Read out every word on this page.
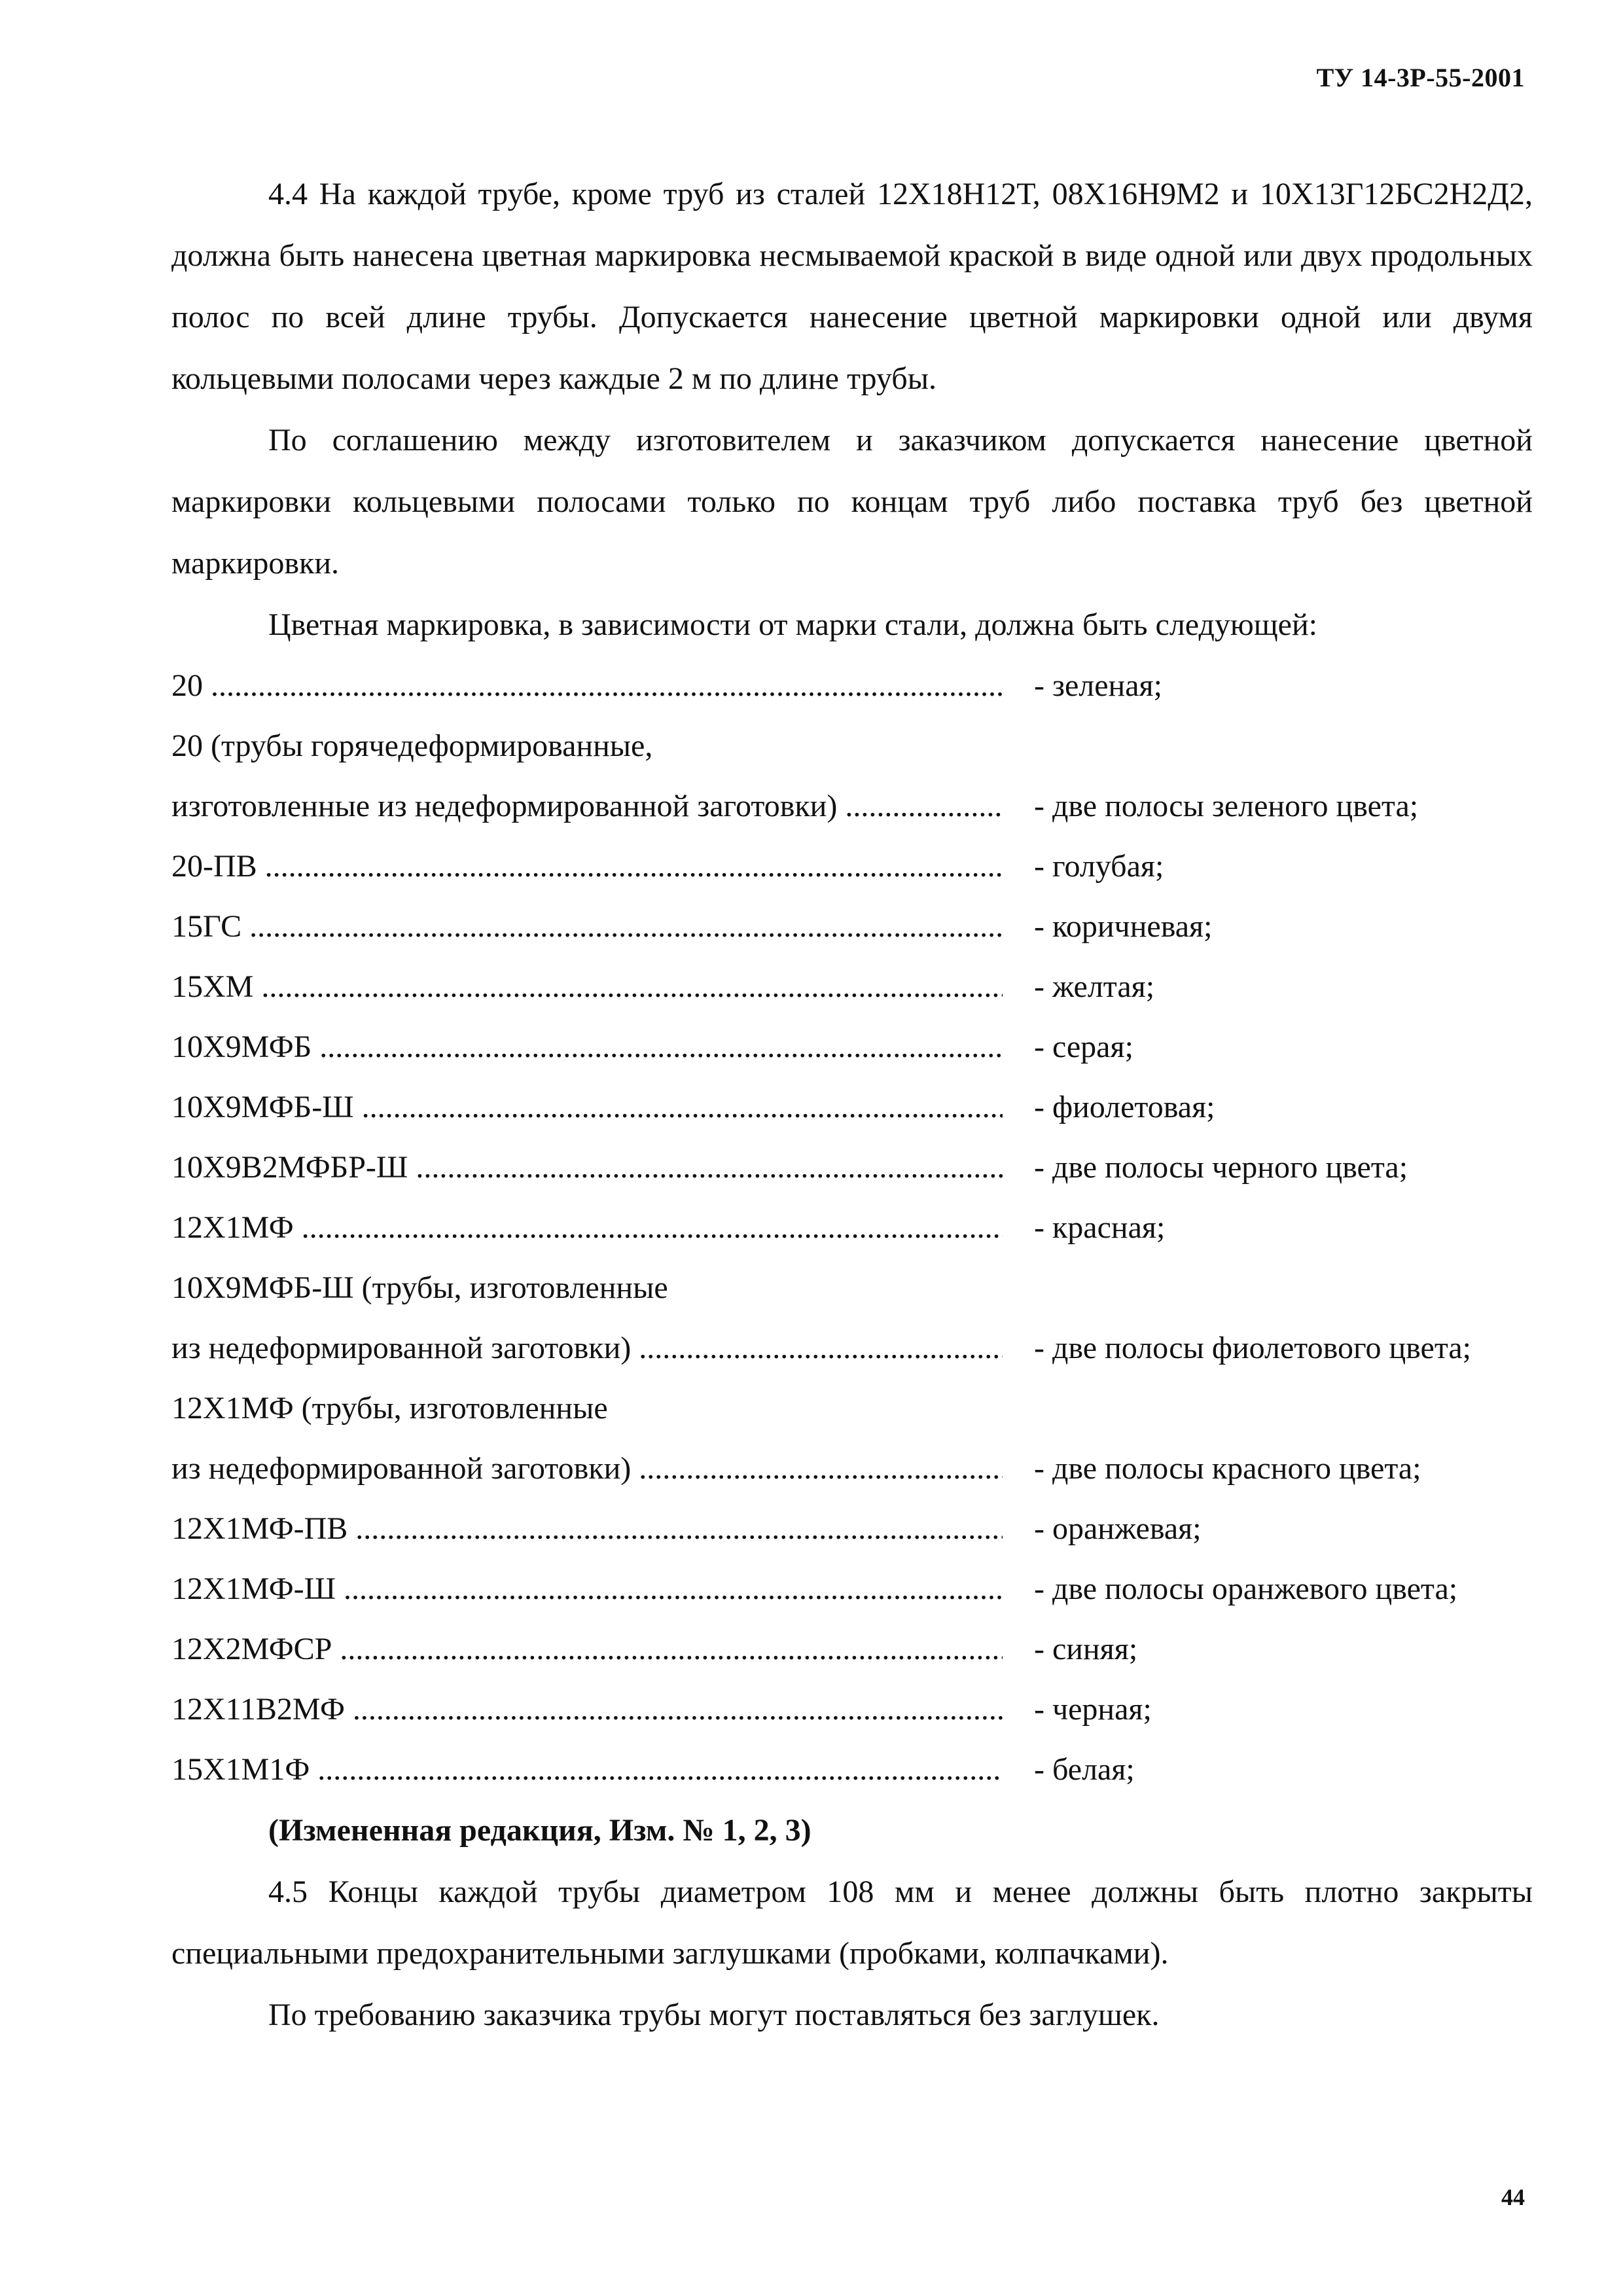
ТУ 14-3Р-55-2001

4.4 На каждой трубе, кроме труб из сталей 12Х18Н12Т, 08Х16Н9М2 и 10Х13Г12БС2Н2Д2, должна быть нанесена цветная маркировка несмываемой краской в виде одной или двух продольных полос по всей длине трубы. Допускается нанесение цветной маркировки одной или двумя кольцевыми полосами через каждые 2 м по длине трубы.

По соглашению между изготовителем и заказчиком допускается нанесение цветной маркировки кольцевыми полосами только по концам труб либо поставка труб без цветной маркировки.

Цветная маркировка, в зависимости от марки стали, должна быть следующей:

20 .....	- зеленая;
20 (трубы горячедеформированные,
изготовленные из недеформированной заготовки) .....	- две полосы зеленого цвета;
20-ПВ .....	- голубая;
15ГС .....	- коричневая;
15ХМ .....	- желтая;
10Х9МФБ .....	- серая;
10Х9МФБ-Ш .....	- фиолетовая;
10Х9В2МФБР-Ш .....	- две полосы черного цвета;
12Х1МФ .....	- красная;
10Х9МФБ-Ш (трубы, изготовленные
из недеформированной заготовки) .....	- две полосы фиолетового цвета;
12Х1МФ (трубы, изготовленные
из недеформированной заготовки) .....	- две полосы красного цвета;
12Х1МФ-ПВ .....	- оранжевая;
12Х1МФ-Ш .....	- две полосы оранжевого цвета;
12Х2МФСР .....	- синяя;
12Х11В2МФ .....	- черная;
15Х1М1Ф .....	- белая;

(Измененная редакция, Изм. № 1, 2, 3)

4.5 Концы каждой трубы диаметром 108 мм и менее должны быть плотно закрыты специальными предохранительными заглушками (пробками, колпачками).

По требованию заказчика трубы могут поставляться без заглушек.

44
